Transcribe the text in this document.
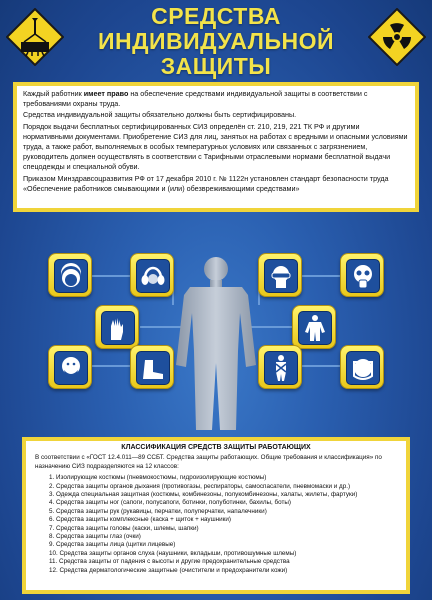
СРЕДСТВА ИНДИВИДУАЛЬНОЙ
ЗАЩИТЫ

Каждый работник имеет право на обеспечение средствами индивидуальной защиты в соответствии с требованиями охраны труда.

Средства индивидуальной защиты обязательно должны быть сертифицированы.

Порядок выдачи бесплатных сертифицированных СИЗ определён ст. 210, 219, 221 ТК РФ и другими нормативными документами. Приобретение СИЗ для лиц, занятых на работах с вредными и опасными условиями труда, а также работ, выполняемых в особых температурных условиях или связанных с загрязнением, руководитель должен осуществлять в соответствии с Тарифными отраслевыми нормами бесплатной выдачи спецодежды и специальной обуви.

Приказом Минздравсоцразвития РФ от 17 декабря 2010 г. № 1122н установлен стандарт безопасности труда «Обеспечение работников смывающими и (или) обезвреживающими средствами»

КЛАССИФИКАЦИЯ СРЕДСТВ ЗАЩИТЫ РАБОТАЮЩИХ
В соответствии с «ГОСТ 12.4.011—89 ССБТ. Средства защиты работающих. Общие требования и классификация» по назначению СИЗ подразделяются на 12 классов:
1. Изолирующие костюмы (пневмокостюмы, гидроизолирующие костюмы)
2. Средства защиты органов дыхания (противогазы, респираторы, самоспасатели, пневмомаски и др.)
3. Одежда специальная защитная (костюмы, комбинезоны, полукомбинезоны, халаты, жилеты, фартуки)
4. Средства защиты ног (сапоги, полусапоги, ботинки, полуботинки, бахилы, боты)
5. Средства защиты рук (рукавицы, перчатки, полуперчатки, напалечники)
6. Средства защиты комплексные (каска + щиток + наушники)
7. Средства защиты головы (каски, шлемы, шапки)
8. Средства защиты глаз (очки)
9. Средства защиты лица (щитки лицевые)
10. Средства защиты органов слуха (наушники, вкладыши, противошумные шлемы)
11. Средства защиты от падения с высоты и другие предохранительные средства
12. Средства дерматологические защитные (очистители и предохранители кожи)
